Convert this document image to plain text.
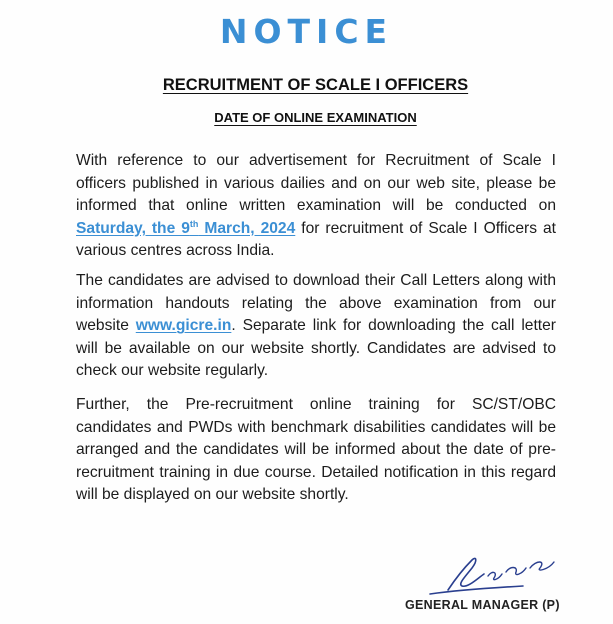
NOTICE
RECRUITMENT OF SCALE I OFFICERS
DATE OF ONLINE EXAMINATION
With reference to our advertisement for Recruitment of Scale I officers published in various dailies and on our web site, please be informed that online written examination will be conducted on Saturday, the 9th March, 2024 for recruitment of Scale I Officers at various centres across India.
The candidates are advised to download their Call Letters along with information handouts relating the above examination from our website www.gicre.in. Separate link for downloading the call letter will be available on our website shortly. Candidates are advised to check our website regularly.
Further, the Pre-recruitment online training for SC/ST/OBC candidates and PWDs with benchmark disabilities candidates will be arranged and the candidates will be informed about the date of pre-recruitment training in due course. Detailed notification in this regard will be displayed on our website shortly.
GENERAL MANAGER (P)
